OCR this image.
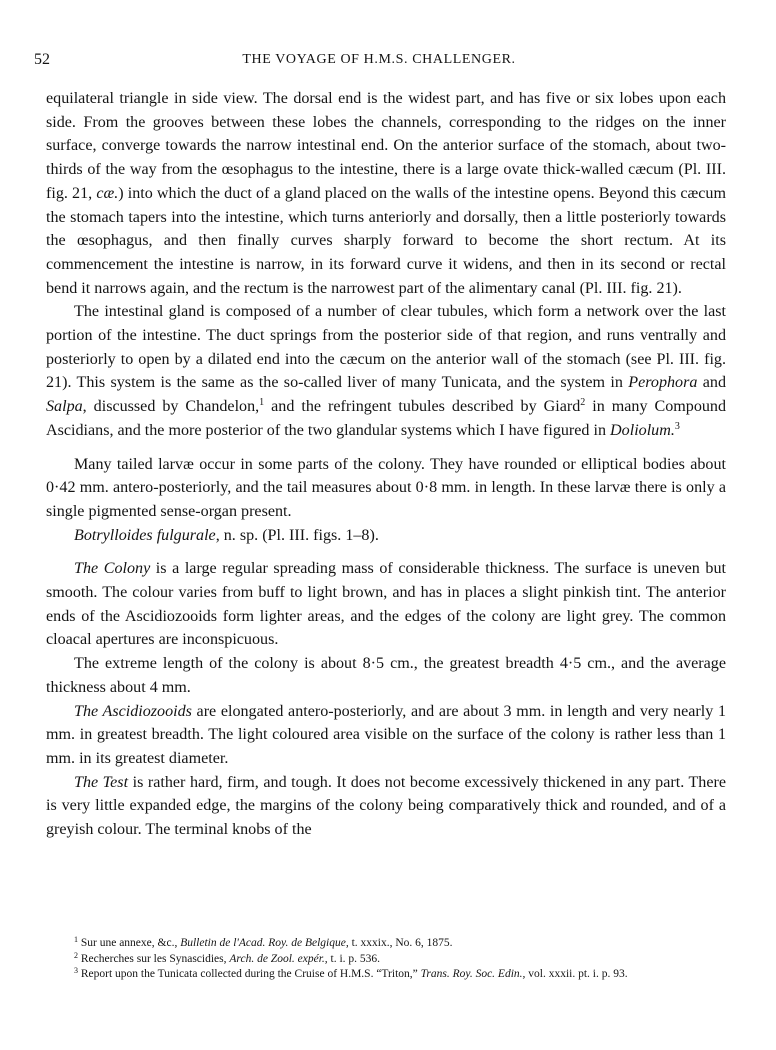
52	THE VOYAGE OF H.M.S. CHALLENGER.

equilateral triangle in side view. The dorsal end is the widest part, and has five or six lobes upon each side. From the grooves between these lobes the channels, corresponding to the ridges on the inner surface, converge towards the narrow intestinal end. On the anterior surface of the stomach, about two-thirds of the way from the œsophagus to the intestine, there is a large ovate thick-walled cæcum (Pl. III. fig. 21, cæ.) into which the duct of a gland placed on the walls of the intestine opens. Beyond this cæcum the stomach tapers into the intestine, which turns anteriorly and dorsally, then a little posteriorly towards the œsophagus, and then finally curves sharply forward to become the short rectum. At its commencement the intestine is narrow, in its forward curve it widens, and then in its second or rectal bend it narrows again, and the rectum is the narrowest part of the alimentary canal (Pl. III. fig. 21).

The intestinal gland is composed of a number of clear tubules, which form a network over the last portion of the intestine. The duct springs from the posterior side of that region, and runs ventrally and posteriorly to open by a dilated end into the cæcum on the anterior wall of the stomach (see Pl. III. fig. 21). This system is the same as the so-called liver of many Tunicata, and the system in Perophora and Salpa, discussed by Chandelon,$^1$ and the refringent tubules described by Giard$^2$ in many Compound Ascidians, and the more posterior of the two glandular systems which I have figured in Doliolum.$^3$

Many tailed larvæ occur in some parts of the colony. They have rounded or elliptical bodies about 0·42 mm. antero-posteriorly, and the tail measures about 0·8 mm. in length. In these larvæ there is only a single pigmented sense-organ present.

Botrylloides fulgurale, n. sp. (Pl. III. figs. 1–8).

The Colony is a large regular spreading mass of considerable thickness. The surface is uneven but smooth. The colour varies from buff to light brown, and has in places a slight pinkish tint. The anterior ends of the Ascidiozooids form lighter areas, and the edges of the colony are light grey. The common cloacal apertures are inconspicuous.

The extreme length of the colony is about 8·5 cm., the greatest breadth 4·5 cm., and the average thickness about 4 mm.

The Ascidiozooids are elongated antero-posteriorly, and are about 3 mm. in length and very nearly 1 mm. in greatest breadth. The light coloured area visible on the surface of the colony is rather less than 1 mm. in its greatest diameter.

The Test is rather hard, firm, and tough. It does not become excessively thickened in any part. There is very little expanded edge, the margins of the colony being comparatively thick and rounded, and of a greyish colour. The terminal knobs of the

$^1$ Sur une annexe, &c., Bulletin de l'Acad. Roy. de Belgique, t. xxxix., No. 6, 1875.

$^2$ Recherches sur les Synascidies, Arch. de Zool. expér., t. i. p. 536.

$^3$ Report upon the Tunicata collected during the Cruise of H.M.S. “Triton,” Trans. Roy. Soc. Edin., vol. xxxii. pt. i. p. 93.
